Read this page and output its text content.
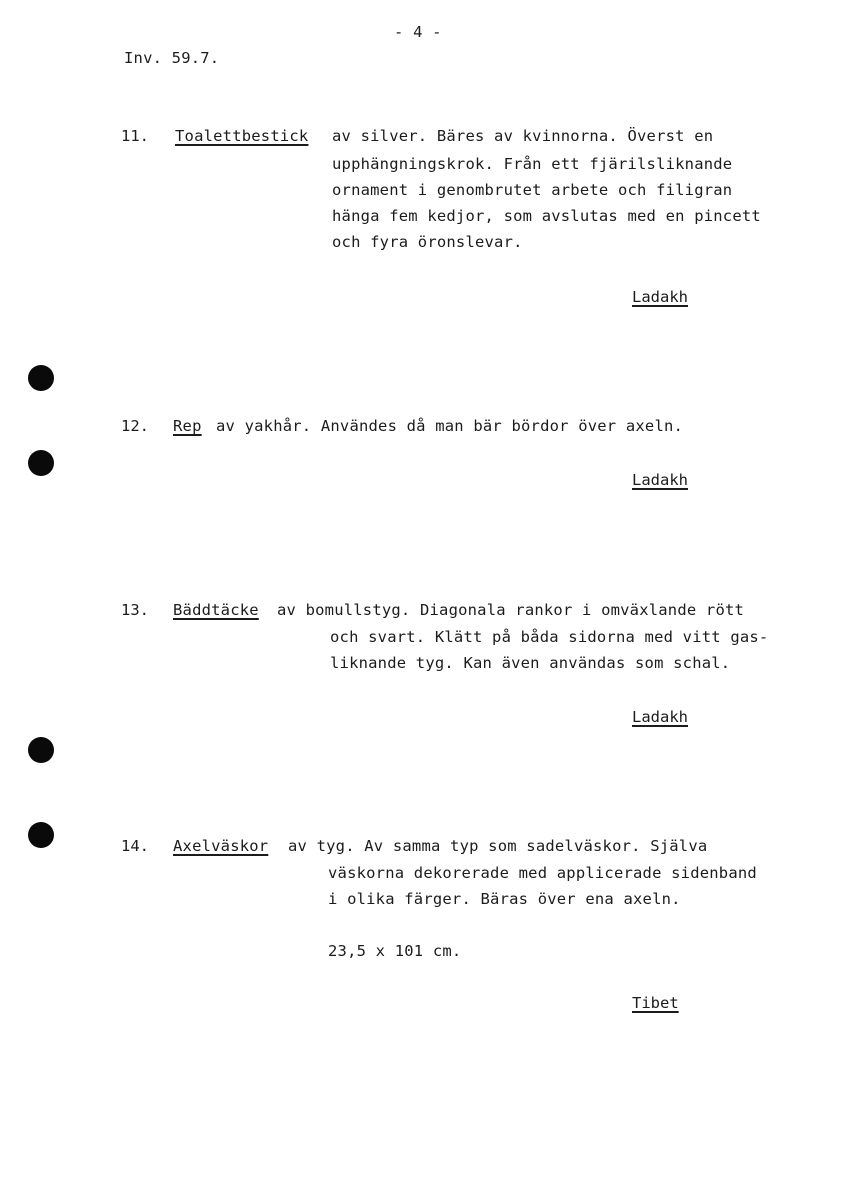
- 4 -
Inv. 59.7.
11. Toalettbestick av silver. Bäres av kvinnorna. Överst en
upphängningskrok. Från ett fjärilsliknande
ornament i genombrutet arbete och filigran
hänga fem kedjor, som avslutas med en pincett
och fyra öronslevar.
Ladakh
12. Rep av yakhår. Användes då man bär bördor över axeln.
Ladakh
13. Bäddtäcke av bomullstyg. Diagonala rankor i omväxlande rött
och svart. Klätt på båda sidorna med vitt gas-
liknande tyg. Kan även användas som schal.
Ladakh
14. Axelväskor av tyg. Av samma typ som sadelväskor. Själva
väskorna dekorerade med applicerade sidenband
i olika färger. Bäras över ena axeln.
23,5 x 101 cm.
Tibet
